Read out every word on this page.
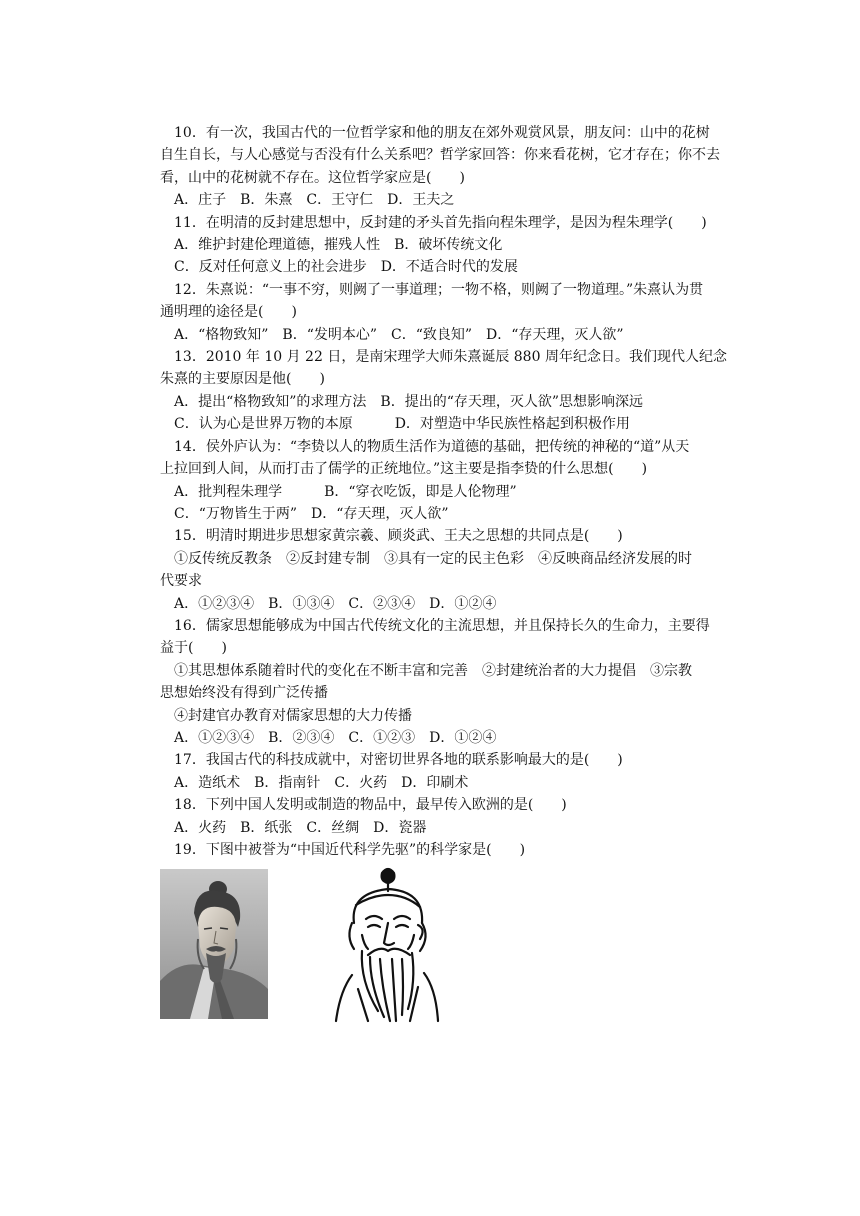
10．有一次，我国古代的一位哲学家和他的朋友在郊外观赏风景，朋友问：山中的花树

自生自长，与人心感觉与否没有什么关系吧？哲学家回答：你来看花树，它才存在；你不去

看，山中的花树就不存在。这位哲学家应是(　　)

A．庄子　B．朱熹　C．王守仁　D．王夫之

11．在明清的反封建思想中，反封建的矛头首先指向程朱理学，是因为程朱理学(　　)

A．维护封建伦理道德，摧残人性　B．破坏传统文化

C．反对任何意义上的社会进步　D．不适合时代的发展

12．朱熹说：“一事不穷，则阙了一事道理；一物不格，则阙了一物道理。”朱熹认为贯

通明理的途径是(　　)

A．“格物致知”　B．“发明本心”　C．“致良知”　D．“存天理，灭人欲”

13．2010 年 10 月 22 日，是南宋理学大师朱熹诞辰 880 周年纪念日。我们现代人纪念

朱熹的主要原因是他(　　)

A．提出“格物致知”的求理方法　B．提出的“存天理，灭人欲”思想影响深远

C．认为心是世界万物的本原　　　D．对塑造中华民族性格起到积极作用

14．侯外庐认为：“李贽以人的物质生活作为道德的基础，把传统的神秘的“道”从天

上拉回到人间，从而打击了儒学的正统地位。”这主要是指李贽的什么思想(　　)

A．批判程朱理学　　　B．“穿衣吃饭，即是人伦物理”

C．“万物皆生于两”　D．“存天理，灭人欲”

15．明清时期进步思想家黄宗羲、顾炎武、王夫之思想的共同点是(　　)

①反传统反教条　②反封建专制　③具有一定的民主色彩　④反映商品经济发展的时

代要求

A．①②③④　B．①③④　C．②③④　D．①②④

16．儒家思想能够成为中国古代传统文化的主流思想，并且保持长久的生命力，主要得

益于(　　)

①其思想体系随着时代的变化在不断丰富和完善　②封建统治者的大力提倡　③宗教

思想始终没有得到广泛传播

④封建官办教育对儒家思想的大力传播

A．①②③④　B．②③④　C．①②③　D．①②④

17．我国古代的科技成就中，对密切世界各地的联系影响最大的是(　　)

A．造纸术　B．指南针　C．火药　D．印刷术

18．下列中国人发明或制造的物品中，最早传入欧洲的是(　　)

A．火药　B．纸张　C．丝绸　D．瓷器

19．下图中被誉为“中国近代科学先驱”的科学家是(　　)
